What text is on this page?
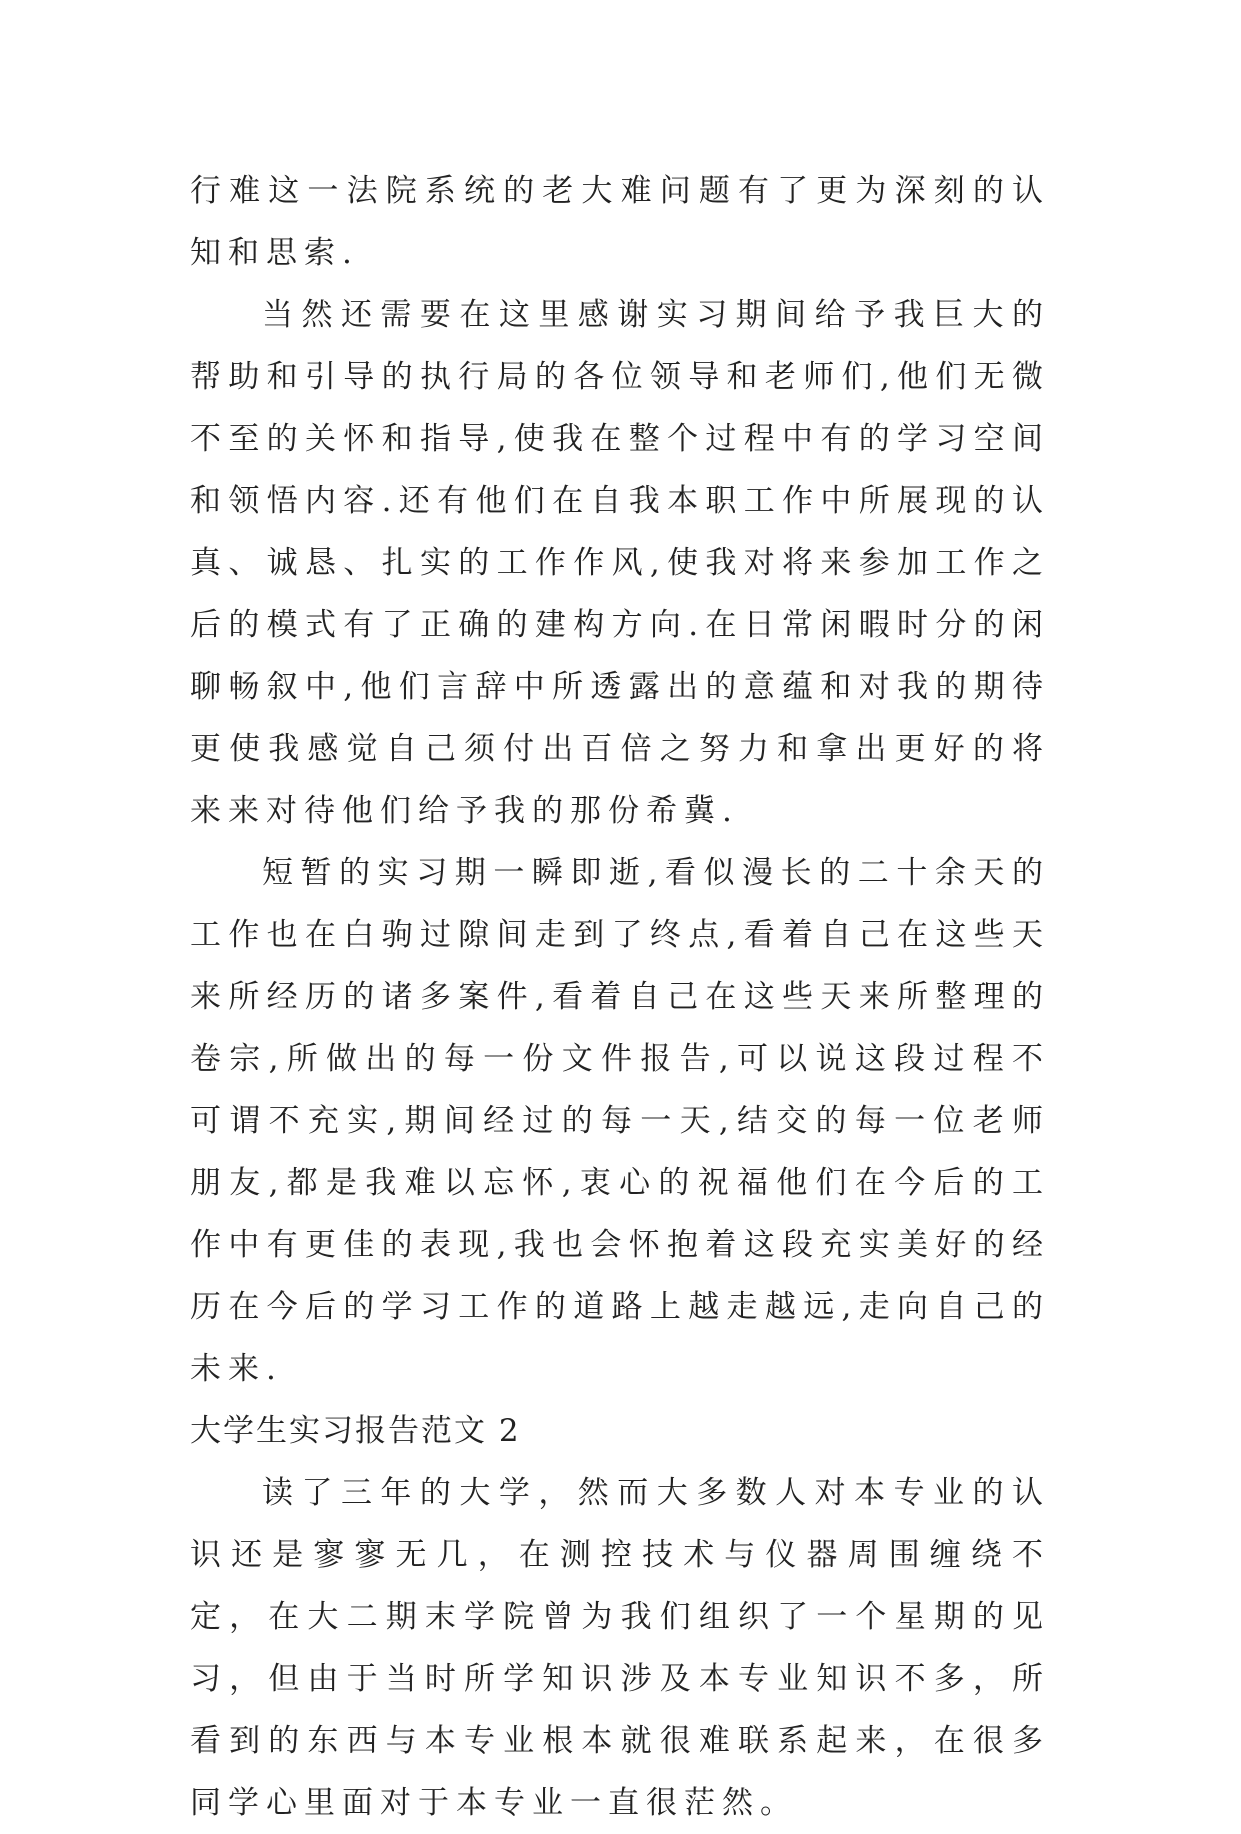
行难这一法院系统的老大难问题有了更为深刻的认知和思索.

当然还需要在这里感谢实习期间给予我巨大的帮助和引导的执行局的各位领导和老师们,他们无微不至的关怀和指导,使我在整个过程中有的学习空间和领悟内容.还有他们在自我本职工作中所展现的认真、诚恳、扎实的工作作风,使我对将来参加工作之后的模式有了正确的建构方向.在日常闲暇时分的闲聊畅叙中,他们言辞中所透露出的意蕴和对我的期待更使我感觉自己须付出百倍之努力和拿出更好的将来来对待他们给予我的那份希冀.

短暂的实习期一瞬即逝,看似漫长的二十余天的工作也在白驹过隙间走到了终点,看着自己在这些天来所经历的诸多案件,看着自己在这些天来所整理的卷宗,所做出的每一份文件报告,可以说这段过程不可谓不充实,期间经过的每一天,结交的每一位老师朋友,都是我难以忘怀,衷心的祝福他们在今后的工作中有更佳的表现,我也会怀抱着这段充实美好的经历在今后的学习工作的道路上越走越远,走向自己的未来.

大学生实习报告范文 2

读了三年的大学，然而大多数人对本专业的认识还是寥寥无几，在测控技术与仪器周围缠绕不定，在大二期末学院曾为我们组织了一个星期的见习，但由于当时所学知识涉及本专业知识不多，所看到的东西与本专业根本就很难联系起来，在很多同学心里面对于本专业一直很茫然。
